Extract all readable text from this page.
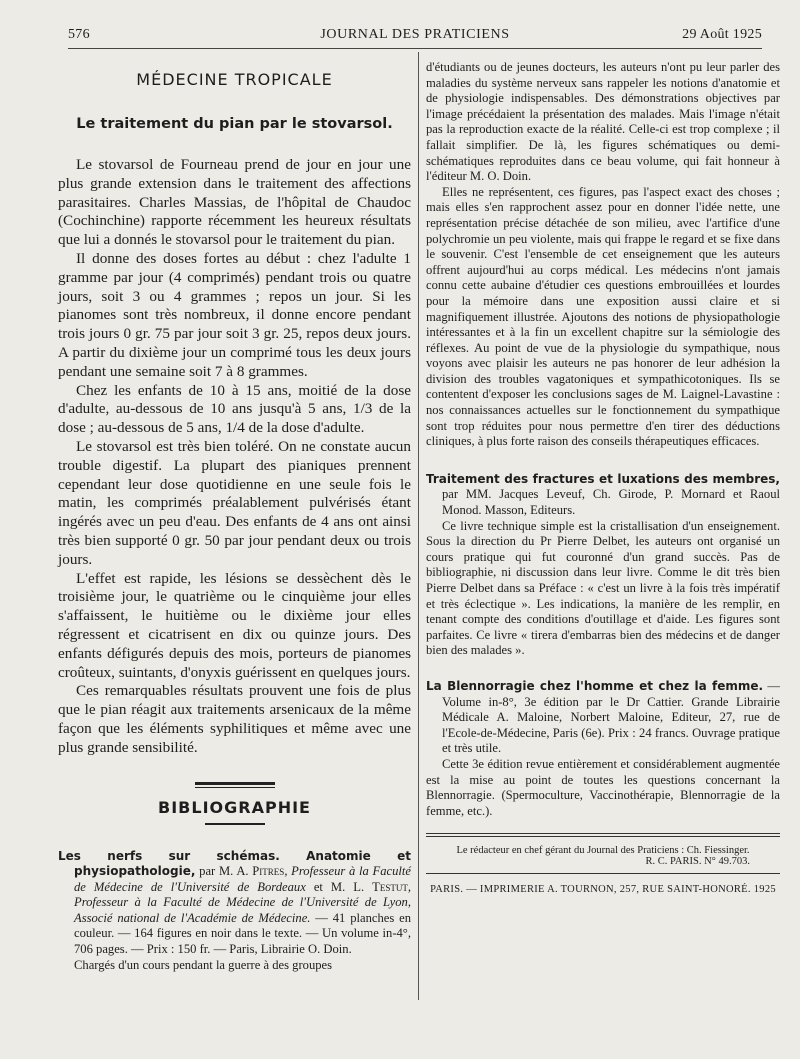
576	JOURNAL DES PRATICIENS	29 Août 1925
MÉDECINE TROPICALE
Le traitement du pian par le stovarsol.

Le stovarsol de Fourneau prend de jour en jour une plus grande extension dans le traitement des affections parasitaires. Charles Massias, de l'hôpital de Chaudoc (Cochinchine) rapporte récemment les heureux résultats que lui a donnés le stovarsol pour le traitement du pian.

Il donne des doses fortes au début : chez l'adulte 1 gramme par jour (4 comprimés) pendant trois ou quatre jours, soit 3 ou 4 grammes ; repos un jour. Si les pianomes sont très nombreux, il donne encore pendant trois jours 0 gr. 75 par jour soit 3 gr. 25, repos deux jours. A partir du dixième jour un comprimé tous les deux jours pendant une semaine soit 7 à 8 grammes.

Chez les enfants de 10 à 15 ans, moitié de la dose d'adulte, au-dessous de 10 ans jusqu'à 5 ans, 1/3 de la dose ; au-dessous de 5 ans, 1/4 de la dose d'adulte.

Le stovarsol est très bien toléré. On ne constate aucun trouble digestif. La plupart des pianiques prennent cependant leur dose quotidienne en une seule fois le matin, les comprimés préalablement pulvérisés étant ingérés avec un peu d'eau. Des enfants de 4 ans ont ainsi très bien supporté 0 gr. 50 par jour pendant deux ou trois jours.

L'effet est rapide, les lésions se dessèchent dès le troisième jour, le quatrième ou le cinquième jour elles s'affaissent, le huitième ou le dixième jour elles régressent et cicatrisent en dix ou quinze jours. Des enfants défigurés depuis des mois, porteurs de pianomes croûteux, suintants, d'onyxis guérissent en quelques jours.

Ces remarquables résultats prouvent une fois de plus que le pian réagit aux traitements arsenicaux de la même façon que les éléments syphilitiques et même avec une plus grande sensibilité.

BIBLIOGRAPHIE

Les nerfs sur schémas. Anatomie et physiopathologie, par M. A. Pitres, Professeur à la Faculté de Médecine de l'Université de Bordeaux et M. L. Testut, Professeur à la Faculté de Médecine de l'Université de Lyon, Associé national de l'Académie de Médecine. — 41 planches en couleur. — 164 figures en noir dans le texte. — Un volume in-4°, 706 pages. — Prix : 150 fr. — Paris, Librairie O. Doin.

Chargés d'un cours pendant la guerre à des groupes

d'étudiants ou de jeunes docteurs, les auteurs n'ont pu leur parler des maladies du système nerveux sans rappeler les notions d'anatomie et de physiologie indispensables. Des démonstrations objectives par l'image précédaient la présentation des malades. Mais l'image n'était pas la reproduction exacte de la réalité. Celle-ci est trop complexe ; il fallait simplifier. De là, les figures schématiques ou demi-schématiques reproduites dans ce beau volume, qui fait honneur à l'éditeur M. O. Doin.

Elles ne représentent, ces figures, pas l'aspect exact des choses ; mais elles s'en rapprochent assez pour en donner l'idée nette, une représentation précise détachée de son milieu, avec l'artifice d'une polychromie un peu violente, mais qui frappe le regard et se fixe dans le souvenir. C'est l'ensemble de cet enseignement que les auteurs offrent aujourd'hui au corps médical. Les médecins n'ont jamais connu cette aubaine d'étudier ces questions embrouillées et lourdes pour la mémoire dans une exposition aussi claire et si magnifiquement illustrée. Ajoutons des notions de physiopathologie intéressantes et à la fin un excellent chapitre sur la sémiologie des réflexes. Au point de vue de la physiologie du sympathique, nous voyons avec plaisir les auteurs ne pas honorer de leur adhésion la division des troubles vagatoniques et sympathicotoniques. Ils se contentent d'exposer les conclusions sages de M. Laignel-Lavastine : nos connaissances actuelles sur le fonctionnement du sympathique sont trop réduites pour nous permettre d'en tirer des déductions cliniques, à plus forte raison des conseils thérapeutiques efficaces.

Traitement des fractures et luxations des membres, par MM. Jacques Leveuf, Ch. Girode, P. Mornard et Raoul Monod. Masson, Editeurs.

Ce livre technique simple est la cristallisation d'un enseignement. Sous la direction du Pr Pierre Delbet, les auteurs ont organisé un cours pratique qui fut couronné d'un grand succès. Pas de bibliographie, ni discussion dans leur livre. Comme le dit très bien Pierre Delbet dans sa Préface : « c'est un livre à la fois très impératif et très éclectique ». Les indications, la manière de les remplir, en tenant compte des conditions d'outillage et d'aide. Les figures sont parfaites. Ce livre « tirera d'embarras bien des médecins et de danger bien des malades ».

La Blennorragie chez l'homme et chez la femme. — Volume in-8°, 3e édition par le Dr Cattier. Grande Librairie Médicale A. Maloine, Norbert Maloine, Editeur, 27, rue de l'Ecole-de-Médecine, Paris (6e). Prix : 24 francs. Ouvrage pratique et très utile.

Cette 3e édition revue entièrement et considérablement augmentée est la mise au point de toutes les questions concernant la Blennorragie. (Spermoculture, Vaccinothérapie, Blennorragie de la femme, etc.).

Le rédacteur en chef gérant du Journal des Praticiens : Ch. Fiessinger.
R. C. PARIS. N° 49.703.
PARIS. — IMPRIMERIE A. TOURNON, 257, RUE SAINT-HONORÉ. 1925
